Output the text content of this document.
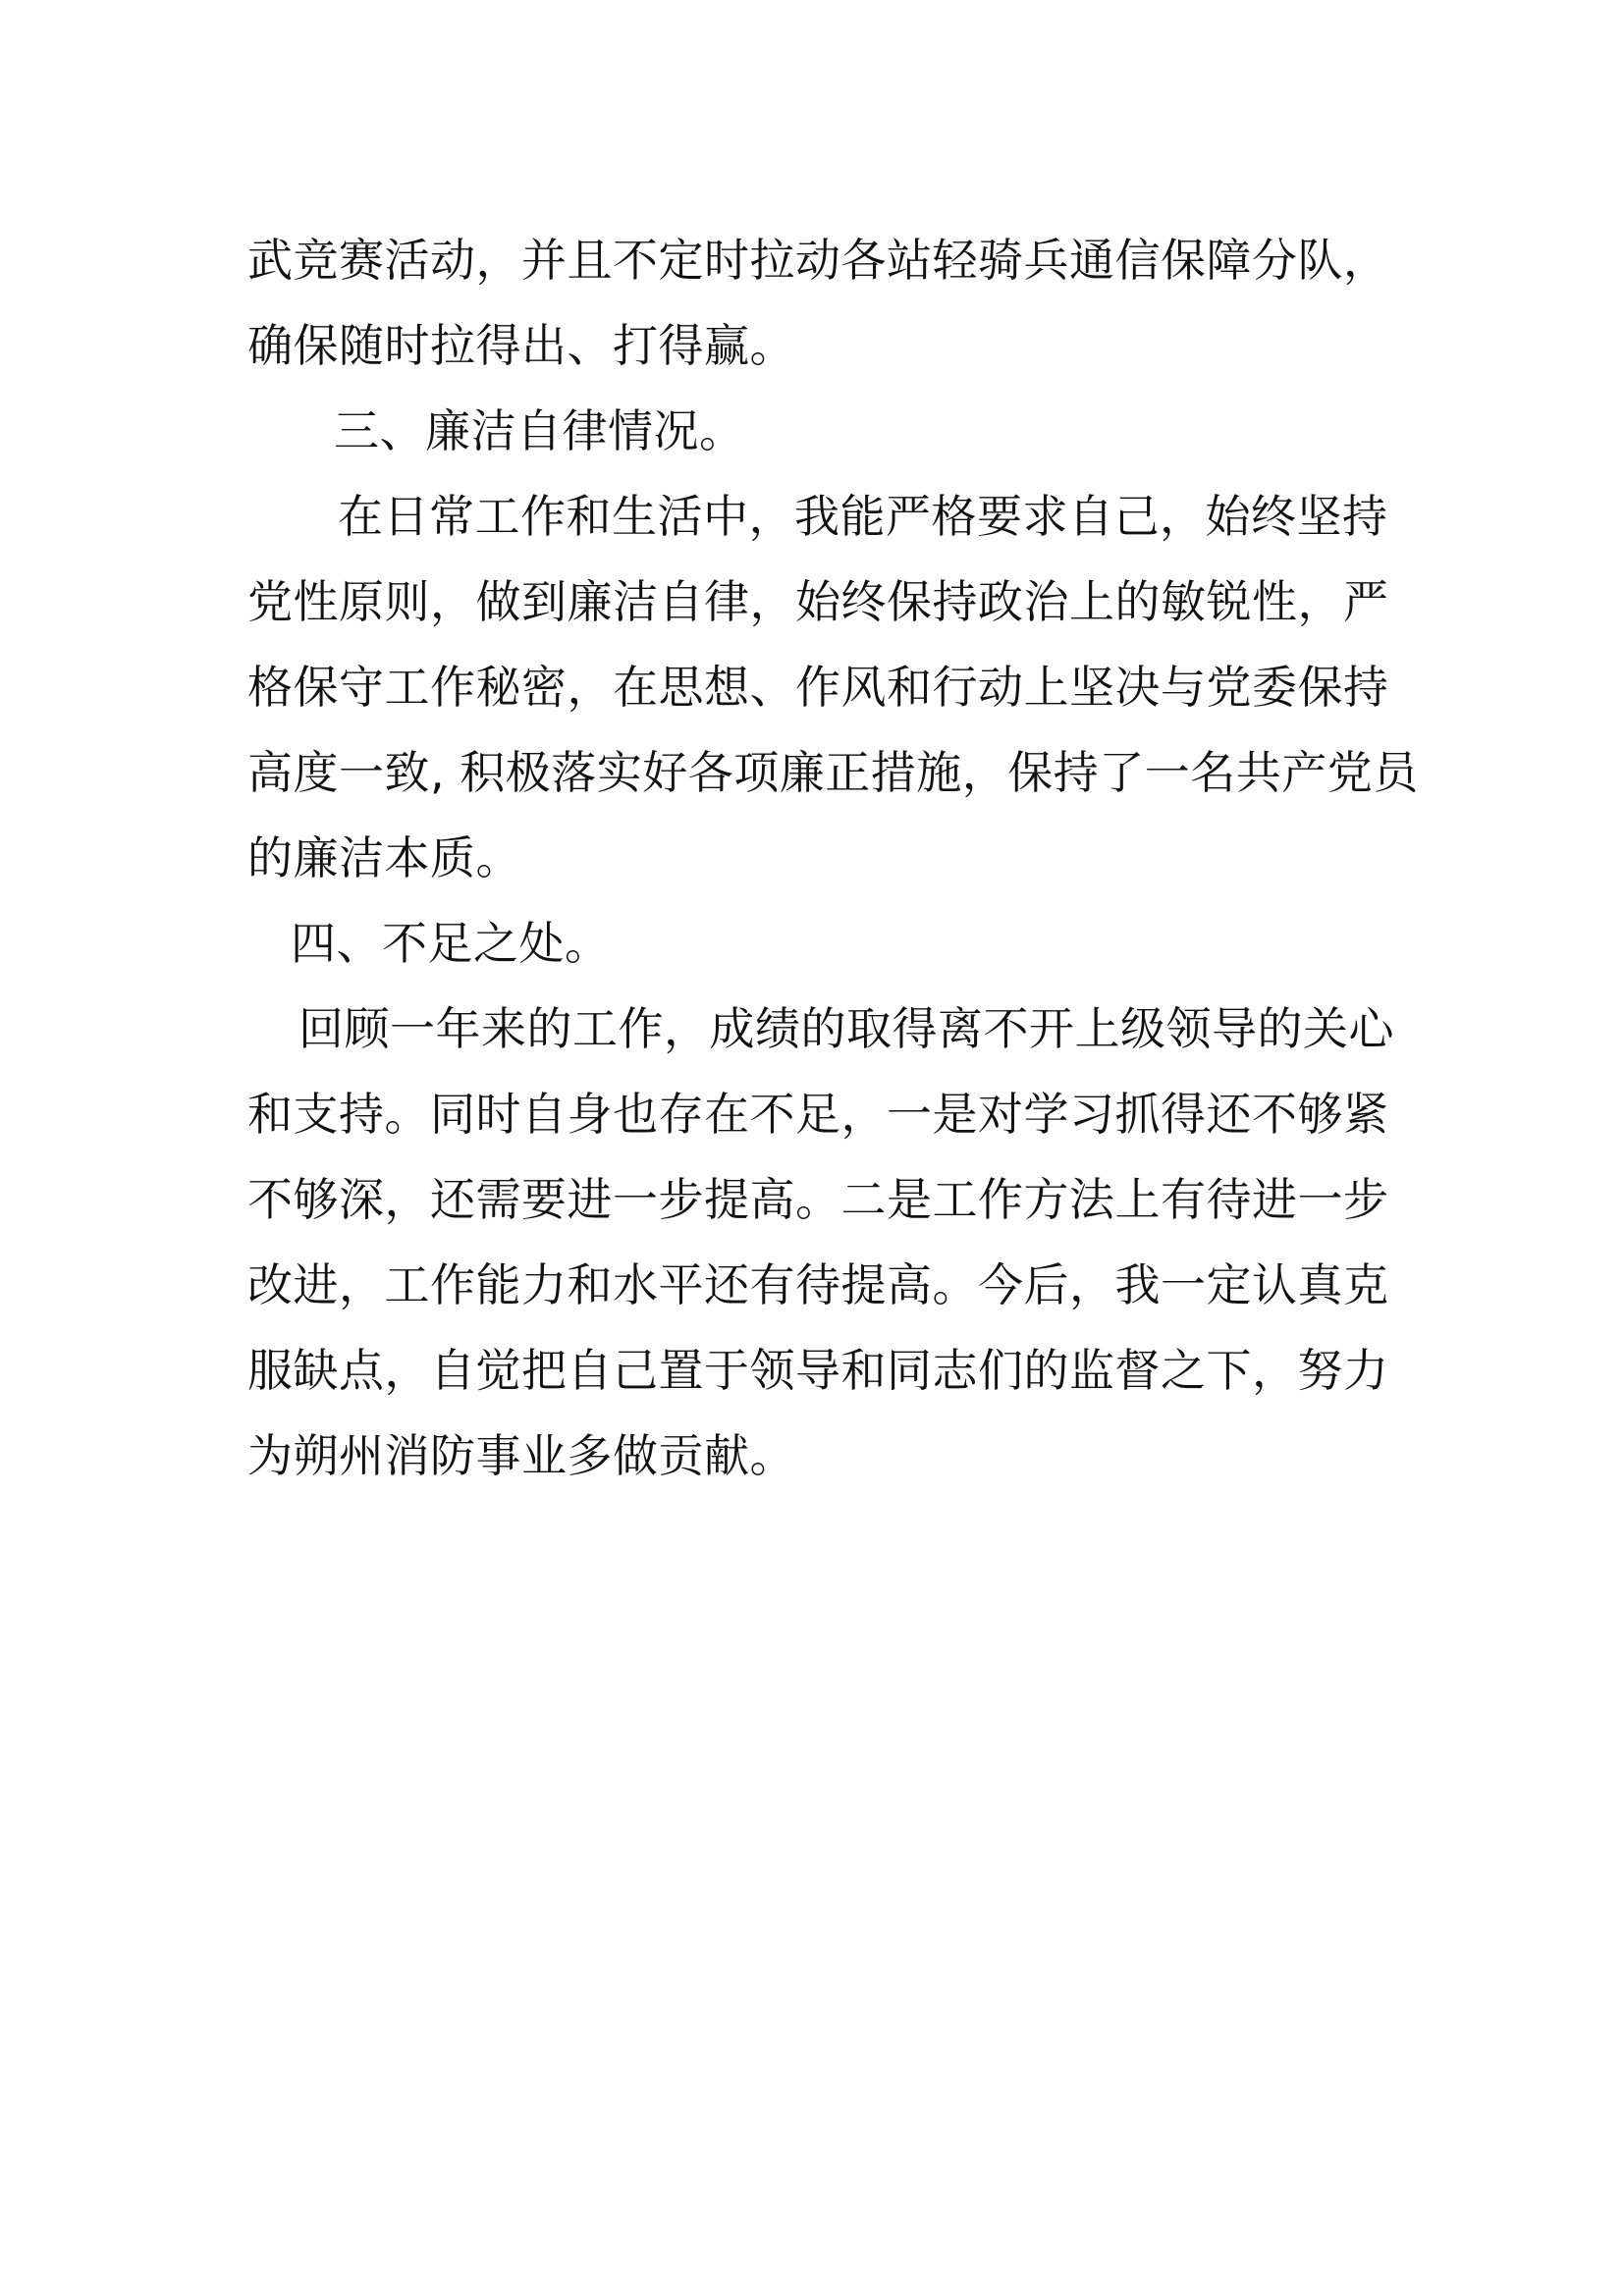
武竞赛活动，并且不定时拉动各站轻骑兵通信保障分队，
确保随时拉得出、打得赢。
三、廉洁自律情况。
在日常工作和生活中，我能严格要求自己，始终坚持
党性原则，做到廉洁自律，始终保持政治上的敏锐性，严
格保守工作秘密，在思想、作风和行动上坚决与党委保持
高度一致, 积极落实好各项廉正措施，保持了一名共产党员
的廉洁本质。
四、不足之处。
回顾一年来的工作，成绩的取得离不开上级领导的关心
和支持。同时自身也存在不足，一是对学习抓得还不够紧
不够深，还需要进一步提高。二是工作方法上有待进一步
改进，工作能力和水平还有待提高。今后，我一定认真克
服缺点，自觉把自己置于领导和同志们的监督之下，努力
为朔州消防事业多做贡献。
